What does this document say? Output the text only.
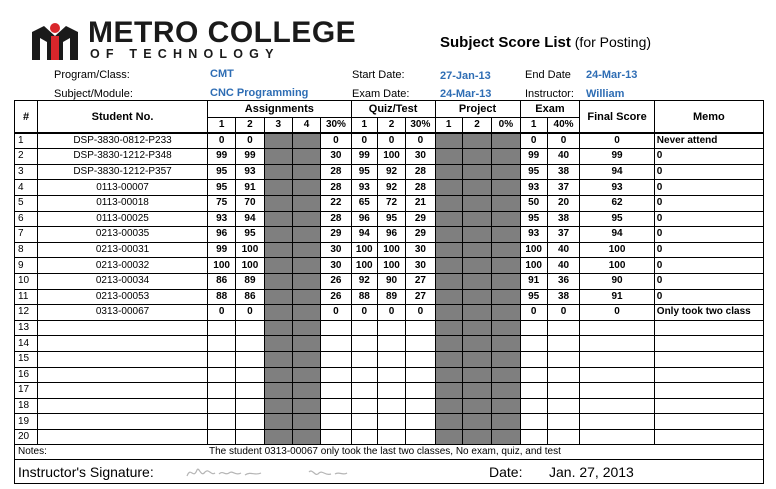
METRO COLLEGE
OF TECHNOLOGY
Subject Score List (for Posting)
Program/Class:	CMT
Subject/Module:	CNC Programming
Start Date:	27-Jan-13
Exam Date:	24-Mar-13
End Date 24-Mar-13
Instructor: William
#	Student No.	Assignments					Quiz/Test			Project			Exam		Final Score	Memo
		1	2	3	4	30%	1	2	30%	1	2	0%	1	40%		
1	DSP-3830-0812-P233	0	0			0	0	0	0				0	0	0	Never attend
2	DSP-3830-1212-P348	99	99			30	99	100	30				99	40	99	0
3	DSP-3830-1212-P357	95	93			28	95	92	28				95	38	94	0
4	0113-00007	95	91			28	93	92	28				93	37	93	0
5	0113-00018	75	70			22	65	72	21				50	20	62	0
6	0113-00025	93	94			28	96	95	29				95	38	95	0
7	0213-00035	96	95			29	94	96	29				93	37	94	0
8	0213-00031	99	100			30	100	100	30				100	40	100	0
9	0213-00032	100	100			30	100	100	30				100	40	100	0
10	0213-00034	86	89			26	92	90	27				91	36	90	0
11	0213-00053	88	86			26	88	89	27				95	38	91	0
12	0313-00067	0	0			0	0	0	0				0	0	0	Only took two class
13																
14																
15																
16																
17																
18																
19																
20																
Notes:	The student 0313-00067 only took the last two classes, No exam, quiz, and test
Instructor's Signature:	Date: Jan. 27, 2013
